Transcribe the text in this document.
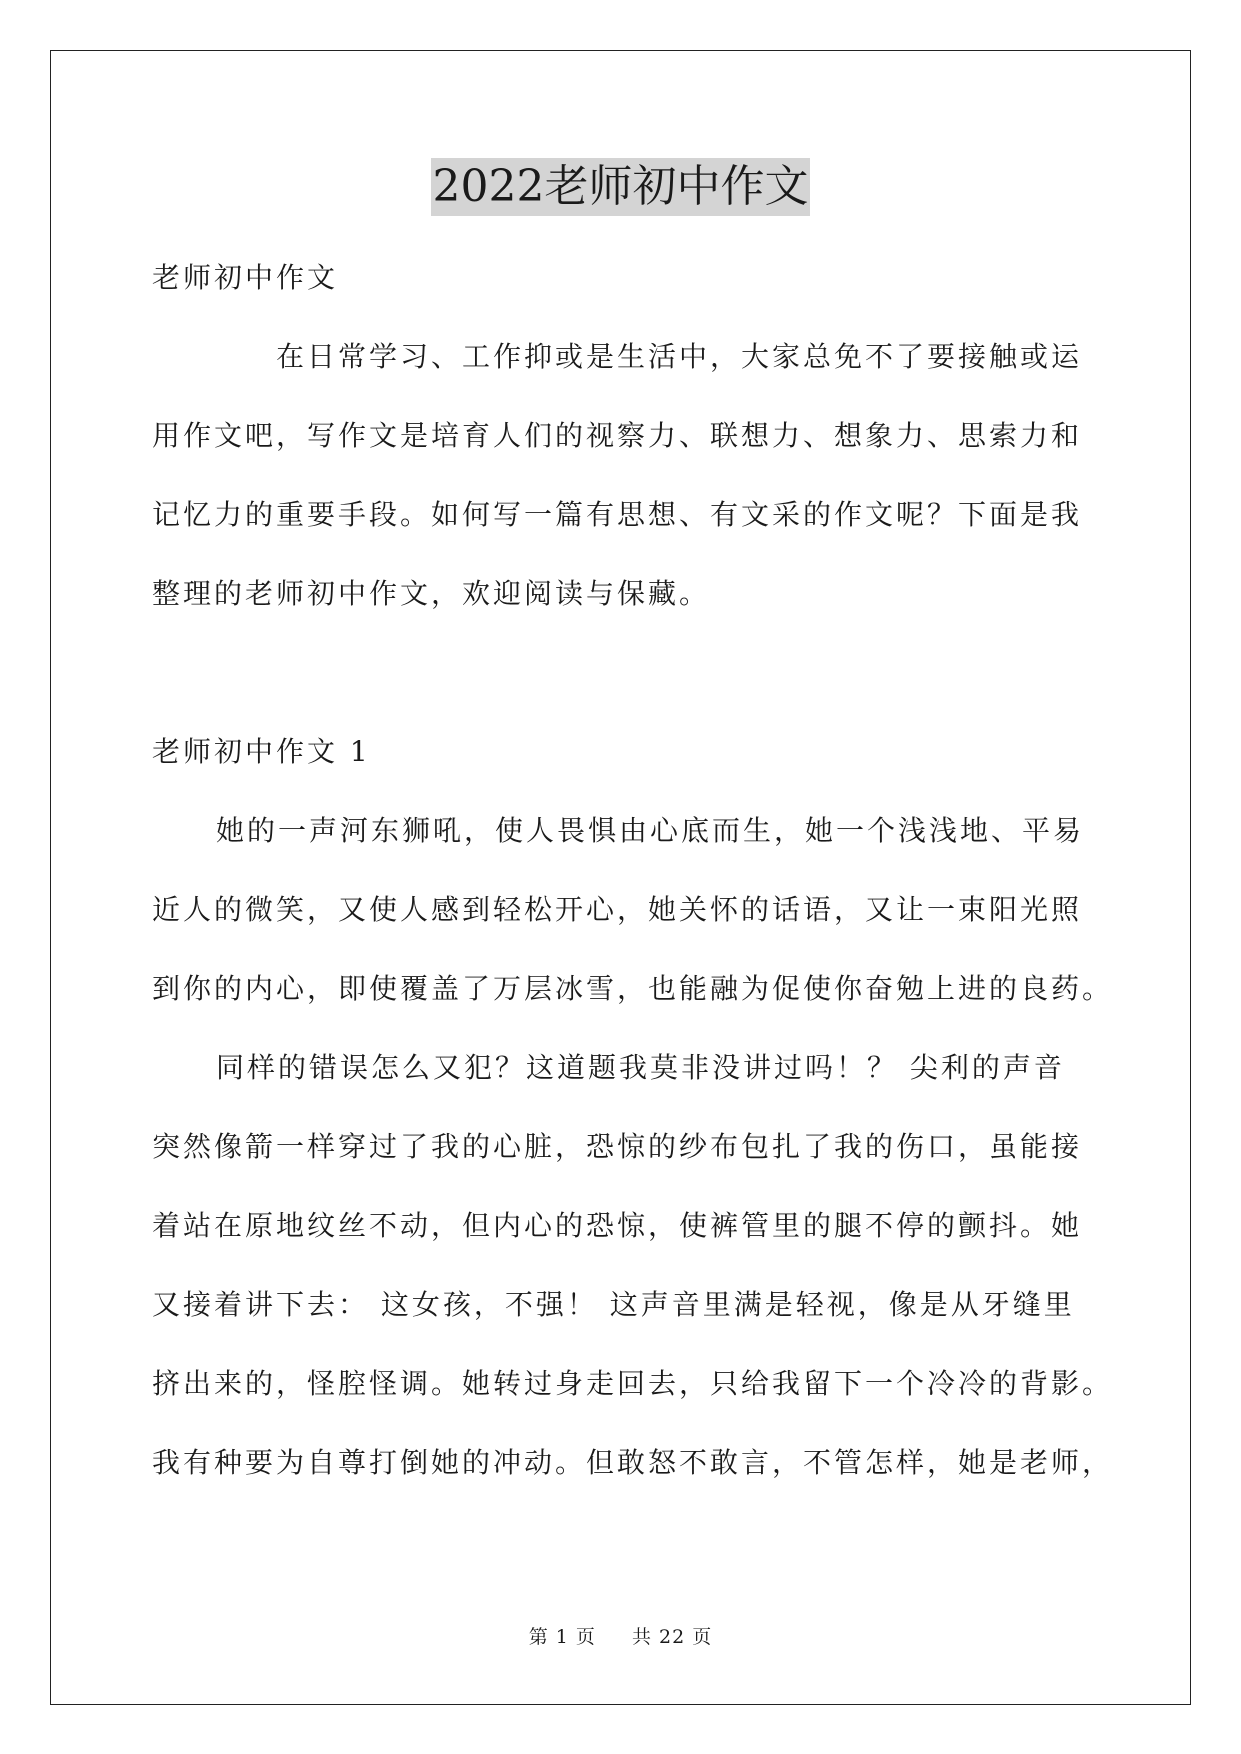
2022老师初中作文
老师初中作文
在日常学习、工作抑或是生活中，大家总免不了要接触或运
用作文吧，写作文是培育人们的视察力、联想力、想象力、思索力和
记忆力的重要手段。如何写一篇有思想、有文采的作文呢？下面是我
整理的老师初中作文，欢迎阅读与保藏。
老师初中作文 1
她的一声河东狮吼，使人畏惧由心底而生，她一个浅浅地、平易
近人的微笑，又使人感到轻松开心，她关怀的话语，又让一束阳光照
到你的内心，即使覆盖了万层冰雪，也能融为促使你奋勉上进的良药。
同样的错误怎么又犯？这道题我莫非没讲过吗！？ 尖利的声音
突然像箭一样穿过了我的心脏，恐惊的纱布包扎了我的伤口，虽能接
着站在原地纹丝不动，但内心的恐惊，使裤管里的腿不停的颤抖。她
又接着讲下去： 这女孩，不强！ 这声音里满是轻视，像是从牙缝里
挤出来的，怪腔怪调。她转过身走回去，只给我留下一个冷冷的背影。
我有种要为自尊打倒她的冲动。但敢怒不敢言，不管怎样，她是老师，
第 1 页 共 22 页
